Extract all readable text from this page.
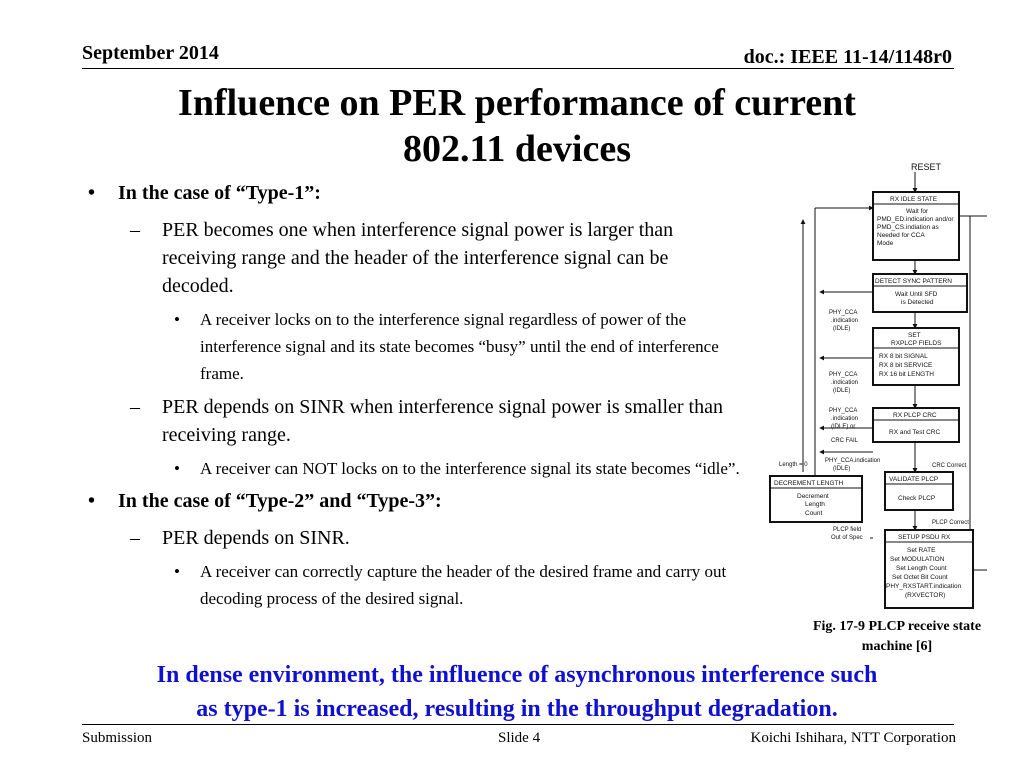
September 2014	doc.: IEEE 11-14/1148r0
Influence on PER performance of current
802.11 devices
• In the case of “Type-1”:
– PER becomes one when interference signal power is larger than receiving range and the header of the interference signal can be decoded.
• A receiver locks on to the interference signal regardless of power of the interference signal and its state becomes “busy” until the end of interference frame.
– PER depends on SINR when interference signal power is smaller than receiving range.
• A receiver can NOT locks on to the interference signal its state becomes “idle”.
• In the case of “Type-2” and “Type-3”:
– PER depends on SINR.
• A receiver can correctly capture the header of the desired frame and carry out decoding process of the desired signal.
RESET
RX IDLE STATE
Wait for
PMD_ED.indication and/or
PMD_CS.indiation as
Needed for CCA
Mode
DETECT SYNC PATTERN
Wait Until SFD
is Detected
SET
RXPLCP FIELDS
RX 8 bit SIGNAL
RX 8 bit SERVICE
RX 16 bit LENGTH
RX PLCP CRC
RX and Test CRC
VALIDATE PLCP
Check PLCP
SETUP PSDU RX
Set RATE
Set MODULATION
Set Length Count
Set Octet Bit Count
PHY_RXSTART.indication
(RXVECTOR)
DECREMENT LENGTH
Decrement
Length
Count
PHY_CCA
.indication
(IDLE)
PHY_CCA
.indication
(IDLE)
PHY_CCA
.indication
(IDLE) or
CRC FAIL
PHY_CCA.indication
(IDLE)
Length = 0	CRC Correct
PLCP Correct
PLCP field
Out of Spec
Fig. 17-9 PLCP receive state
machine [6]
In dense environment, the influence of asynchronous interference such
as type-1 is increased, resulting in the throughput degradation.
Submission	Slide 4	Koichi Ishihara, NTT Corporation
